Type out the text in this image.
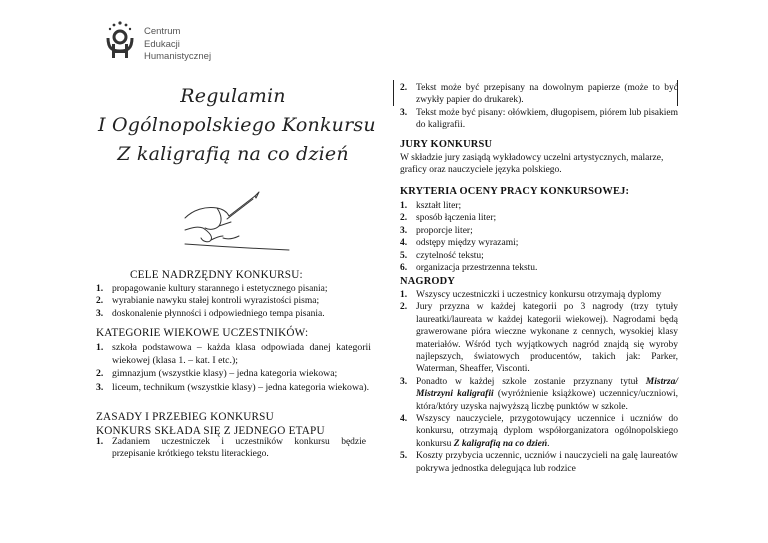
Centrum
Edukacji
Humanistycznej
Regulamin
I Ogólnopolskiego Konkursu
Z kaligrafią na co dzień
CELE NADRZĘDNY KONKURSU:
1. propagowanie kultury starannego i estetycznego pisania;
2. wyrabianie nawyku stałej kontroli wyrazistości pisma;
3. doskonalenie płynności i odpowiedniego tempa pisania.
KATEGORIE WIEKOWE UCZESTNIKÓW:
1. szkoła podstawowa – każda klasa odpowiada danej kategorii wiekowej (klasa 1. – kat. I etc.);
2. gimnazjum (wszystkie klasy) – jedna kategoria wiekowa;
3. liceum, technikum (wszystkie klasy) – jedna kategoria wiekowa).
ZASADY I PRZEBIEG KONKURSU
KONKURS SKŁADA SIĘ Z JEDNEGO ETAPU
1. Zadaniem uczestniczek i uczestników konkursu będzie przepisanie krótkiego tekstu literackiego.
2. Tekst może być przepisany na dowolnym papierze (może to być zwykły papier do drukarek).
3. Tekst może być pisany: ołówkiem, długopisem, piórem lub pisakiem do kaligrafii.
JURY KONKURSU
W składzie jury zasiądą wykładowcy uczelni artystycznych, malarze, graficy oraz nauczyciele języka polskiego.
KRYTERIA OCENY PRACY KONKURSOWEJ:
1. kształt liter;
2. sposób łączenia liter;
3. proporcje liter;
4. odstępy między wyrazami;
5. czytelność tekstu;
6. organizacja przestrzenna tekstu.
NAGRODY
1. Wszyscy uczestniczki i uczestnicy konkursu otrzymają dyplomy
2. Jury przyzna w każdej kategorii po 3 nagrody (trzy tytuły laureatki/laureata w każdej kategorii wiekowej). Nagrodami będą grawerowane pióra wieczne wykonane z cennych, wysokiej klasy materiałów. Wśród tych wyjątkowych nagród znajdą się wyroby najlepszych, światowych producentów, takich jak: Parker, Waterman, Sheaffer, Visconti.
3. Ponadto w każdej szkole zostanie przyznany tytuł Mistrza/ Mistrzyni kaligrafii (wyróżnienie książkowe) uczennicy/uczniowi, która/który uzyska najwyższą liczbę punktów w szkole.
4. Wszyscy nauczyciele, przygotowujący uczennice i uczniów do konkursu, otrzymają dyplom współorganizatora ogólnopolskiego konkursu Z kaligrafią na co dzień.
5. Koszty przybycia uczennic, uczniów i nauczycieli na galę laureatów pokrywa jednostka delegująca lub rodzice
